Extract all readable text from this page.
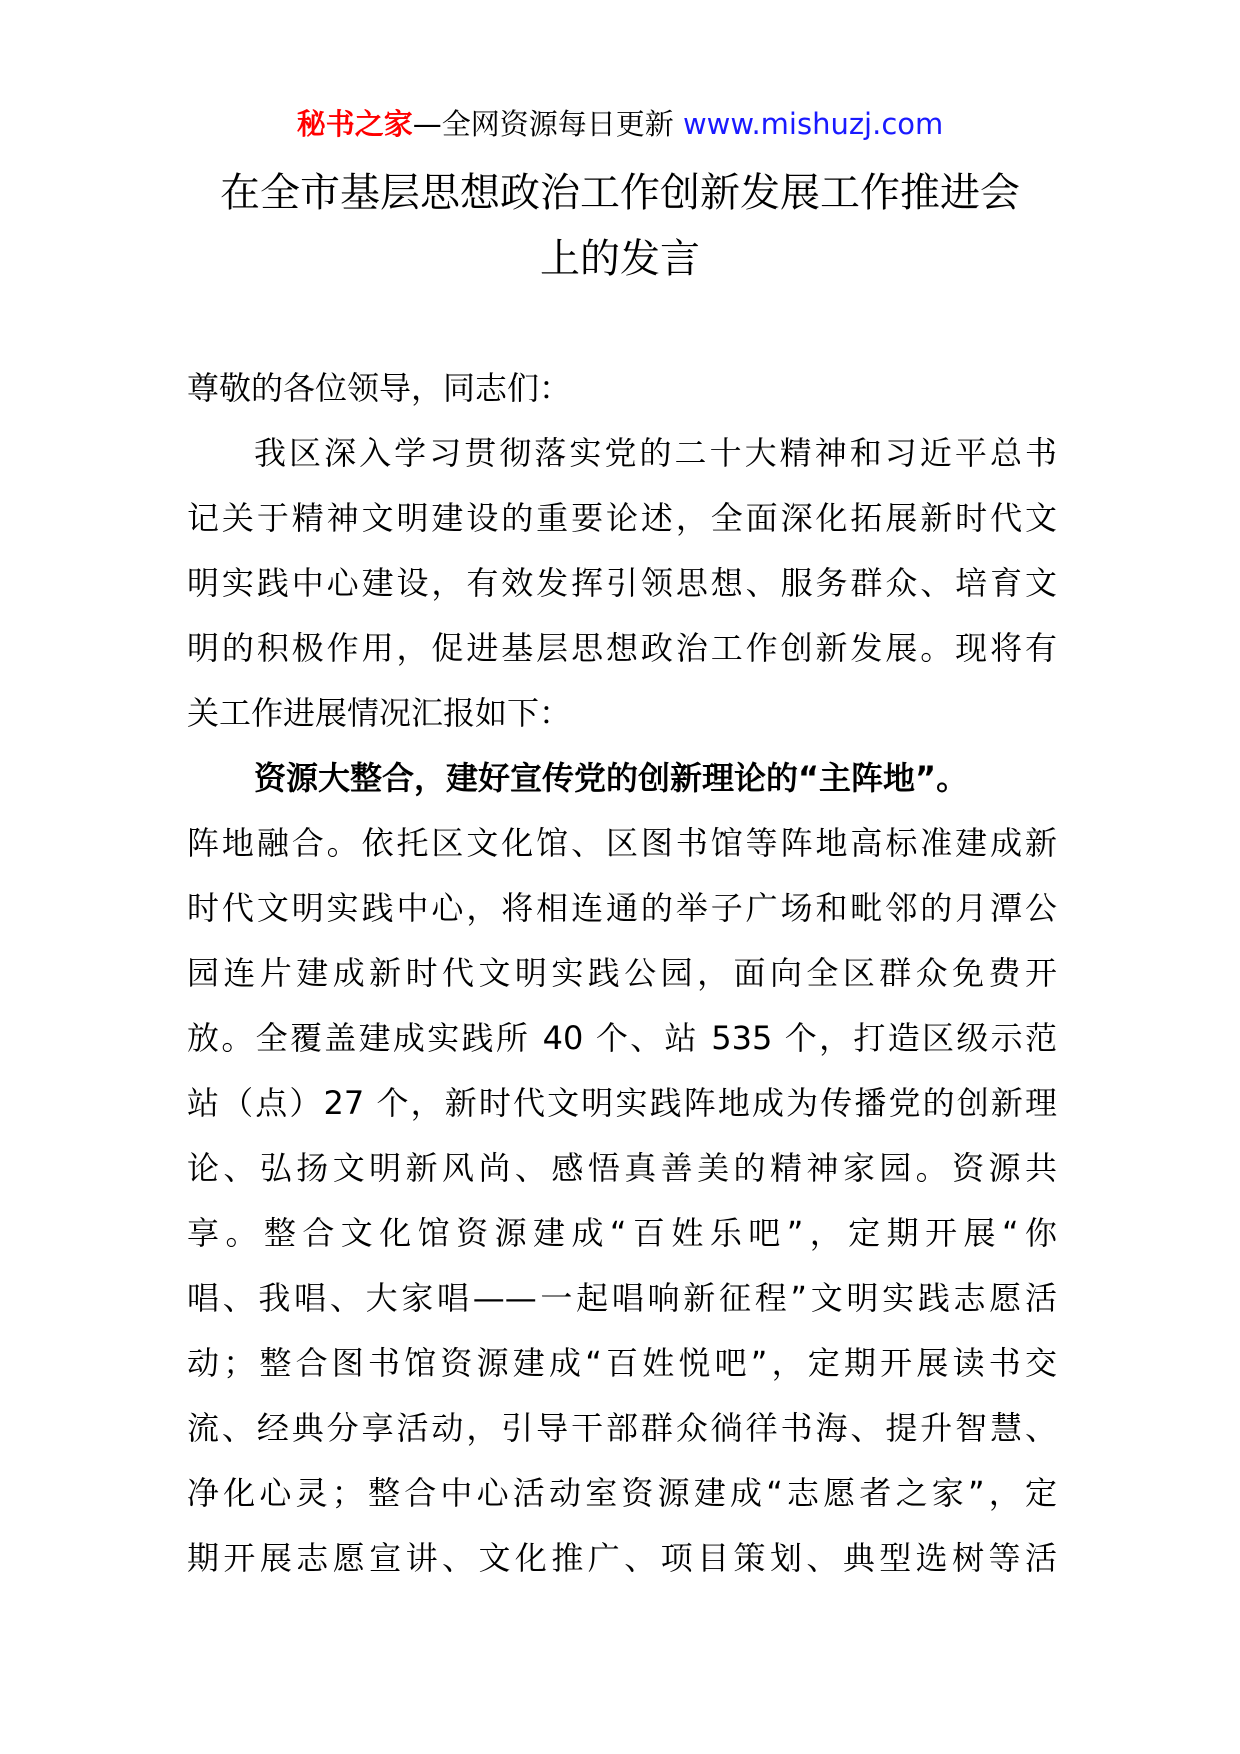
秘书之家—全网资源每日更新 www.mishuzj.com
在全市基层思想政治工作创新发展工作推进会
上的发言
尊敬的各位领导，同志们：
我区深入学习贯彻落实党的二十大精神和习近平总书
记关于精神文明建设的重要论述，全面深化拓展新时代文
明实践中心建设，有效发挥引领思想、服务群众、培育文
明的积极作用，促进基层思想政治工作创新发展。现将有
关工作进展情况汇报如下：
资源大整合，建好宣传党的创新理论的“主阵地”。
阵地融合。依托区文化馆、区图书馆等阵地高标准建成新
时代文明实践中心，将相连通的举子广场和毗邻的月潭公
园连片建成新时代文明实践公园，面向全区群众免费开
放。全覆盖建成实践所 40 个、站 535 个，打造区级示范
站（点）27 个，新时代文明实践阵地成为传播党的创新理
论、弘扬文明新风尚、感悟真善美的精神家园。资源共
享。整合文化馆资源建成“百姓乐吧”，定期开展“你
唱、我唱、大家唱——一起唱响新征程”文明实践志愿活
动；整合图书馆资源建成“百姓悦吧”，定期开展读书交
流、经典分享活动，引导干部群众徜徉书海、提升智慧、
净化心灵；整合中心活动室资源建成“志愿者之家”，定
期开展志愿宣讲、文化推广、项目策划、典型选树等活
